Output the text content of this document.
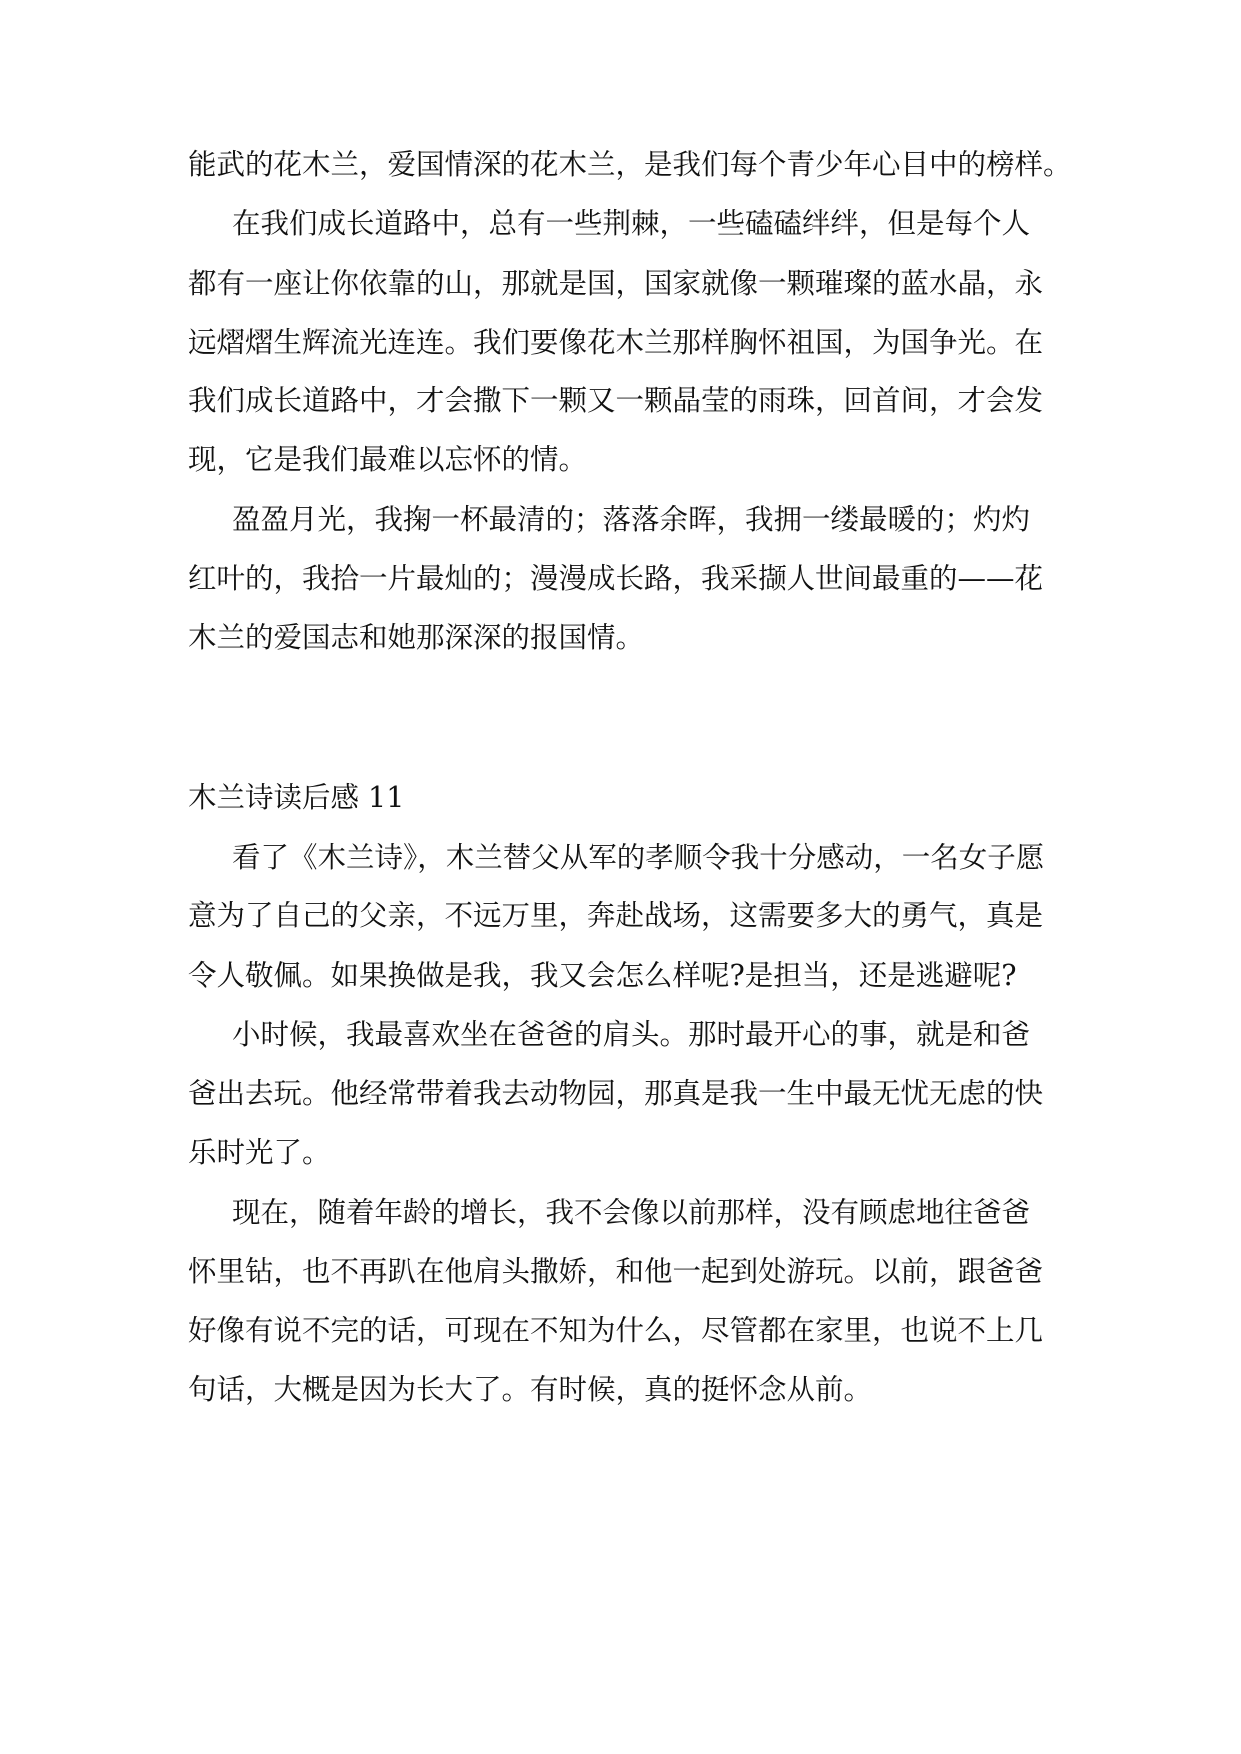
能武的花木兰，爱国情深的花木兰，是我们每个青少年心目中的榜样。

在我们成长道路中，总有一些荆棘，一些磕磕绊绊，但是每个人

都有一座让你依靠的山，那就是国，国家就像一颗璀璨的蓝水晶，永

远熠熠生辉流光连连。我们要像花木兰那样胸怀祖国，为国争光。在

我们成长道路中，才会撒下一颗又一颗晶莹的雨珠，回首间，才会发

现，它是我们最难以忘怀的情。

盈盈月光，我掬一杯最清的；落落余晖，我拥一缕最暖的；灼灼

红叶的，我拾一片最灿的；漫漫成长路，我采撷人世间最重的——花

木兰的爱国志和她那深深的报国情。

木兰诗读后感 11

看了《木兰诗》，木兰替父从军的孝顺令我十分感动，一名女子愿

意为了自己的父亲，不远万里，奔赴战场，这需要多大的勇气，真是

令人敬佩。如果换做是我，我又会怎么样呢?是担当，还是逃避呢?

小时候，我最喜欢坐在爸爸的肩头。那时最开心的事，就是和爸

爸出去玩。他经常带着我去动物园，那真是我一生中最无忧无虑的快

乐时光了。

现在，随着年龄的增长，我不会像以前那样，没有顾虑地往爸爸

怀里钻，也不再趴在他肩头撒娇，和他一起到处游玩。以前，跟爸爸

好像有说不完的话，可现在不知为什么，尽管都在家里，也说不上几

句话，大概是因为长大了。有时候，真的挺怀念从前。
